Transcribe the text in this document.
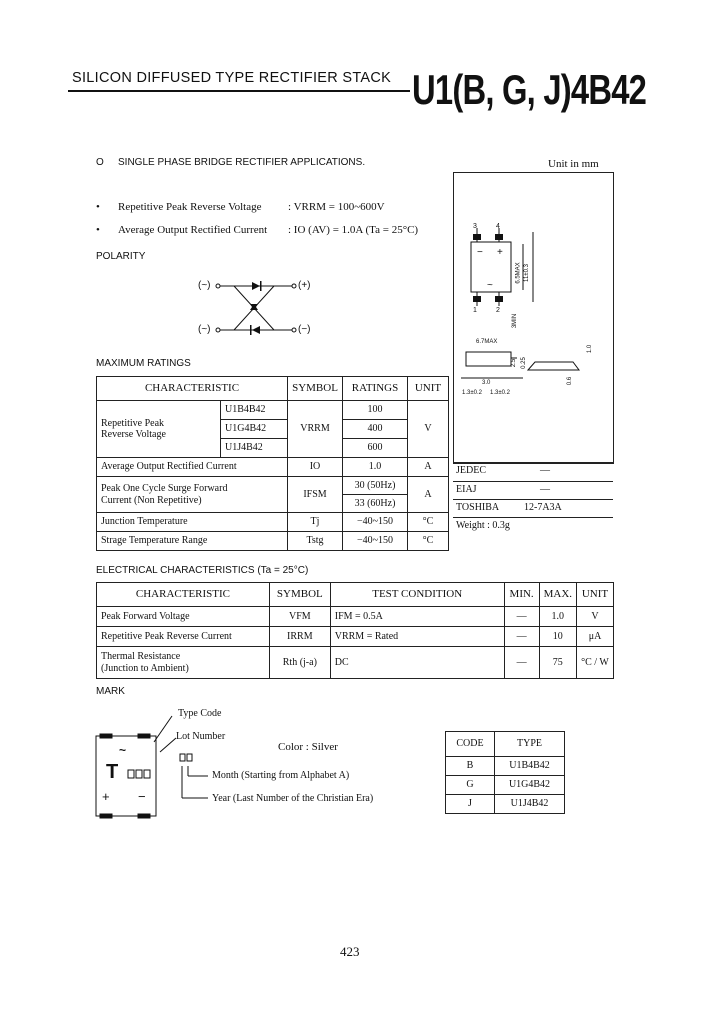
SILICON DIFFUSED TYPE RECTIFIER STACK U1(B, G, J)4B42
O SINGLE PHASE BRIDGE RECTIFIER APPLICATIONS.	Unit in mm
• Repetitive Peak Reverse Voltage : VRRM = 100~600V
• Average Output Rectified Current : IO (AV) = 1.0A (Ta = 25°C)
POLARITY
(~)	(+)
(~)	(−)
3	4
1	2
− +
~
6.5MAX 11±0.3
3MIN
6.7MAX
2.5 0.25
3.0
1.3±0.2 1.3±0.2
0.6
1.0
JEDEC	—
EIAJ	—
TOSHIBA 12-7A3A
Weight : 0.3g
MAXIMUM RATINGS
CHARACTERISTIC		SYMBOL	RATINGS	UNIT

Repetitive Peak
Reverse Voltage	U1B4B42	VRRM	100	V
	U1G4B42		400	
	U1J4B42		600	
Average Output Rectified Current		IO	1.0	A

Peak One Cycle Surge Forward
Current (Non Repetitive)		IFSM	30 (50Hz)	A
			33 (60Hz)	
Junction Temperature		Tj	−40~150	°C
Strage Temperature Range		Tstg	−40~150	°C
ELECTRICAL CHARACTERISTICS (Ta = 25°C)
CHARACTERISTIC	SYMBOL	TEST CONDITION	MIN.	MAX.	UNIT
Peak Forward Voltage	VFM	IFM = 0.5A	—	1.0	V
Repetitive Peak Reverse Current	IRRM	VRRM = Rated	—	10	μA

Thermal Resistance
(Junction to Ambient)	Rth (j-a)	DC	—	75	°C / W
MARK
Type Code
Lot Number
Color : Silver
Month (Starting from Alphabet A)
Year (Last Number of the Christian Era)
T
~
+ −
CODE	TYPE
B	U1B4B42
G	U1G4B42
J	U1J4B42
423
